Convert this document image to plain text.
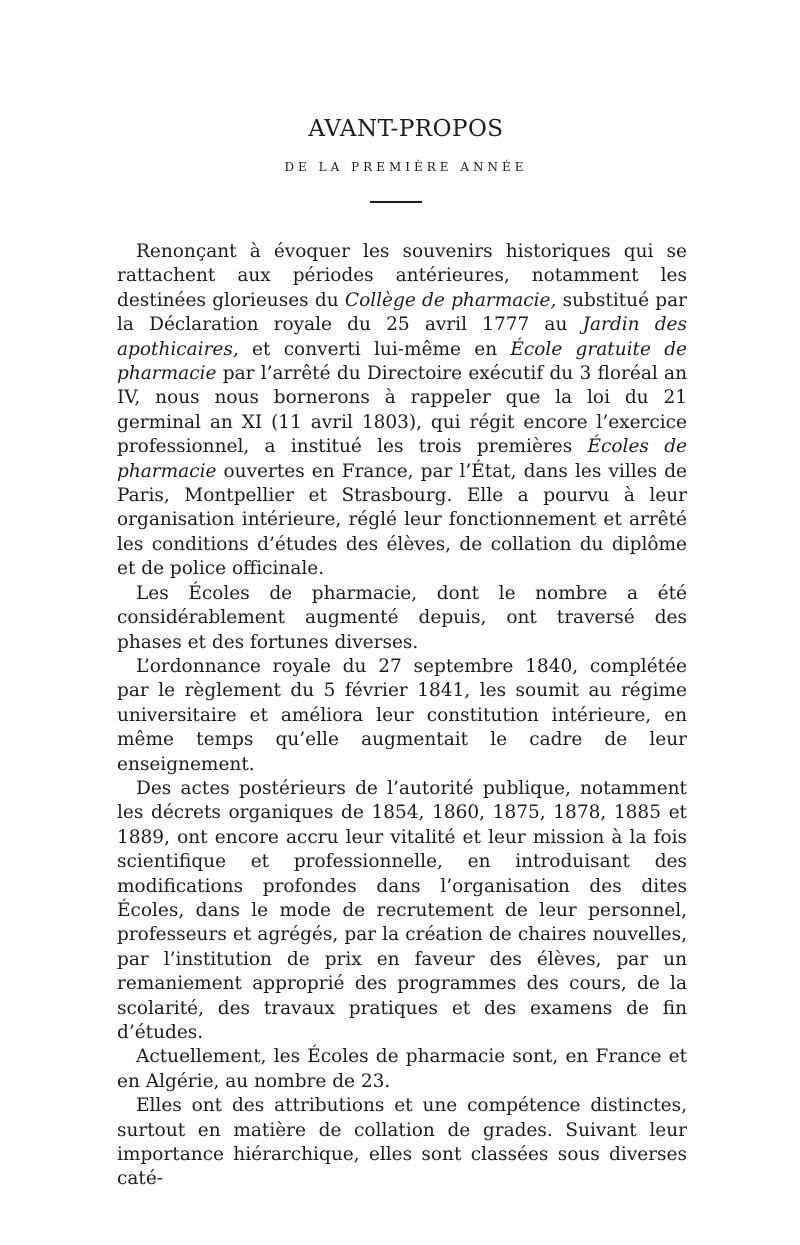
AVANT-PROPOS
DE LA PREMIÈRE ANNÉE

Renonçant à évoquer les souvenirs historiques qui se rattachent aux périodes antérieures, notamment les destinées glorieuses du Collège de pharmacie, substitué par la Déclaration royale du 25 avril 1777 au Jardin des apothicaires, et converti lui-même en École gratuite de pharmacie par l’arrêté du Directoire exécutif du 3 floréal an IV, nous nous bornerons à rappeler que la loi du 21 germinal an XI (11 avril 1803), qui régit encore l’exercice professionnel, a institué les trois premières Écoles de pharmacie ouvertes en France, par l’État, dans les villes de Paris, Montpellier et Strasbourg. Elle a pourvu à leur organisation intérieure, réglé leur fonctionnement et arrêté les conditions d’études des élèves, de collation du diplôme et de police officinale.

Les Écoles de pharmacie, dont le nombre a été considérablement augmenté depuis, ont traversé des phases et des fortunes diverses.

L’ordonnance royale du 27 septembre 1840, complétée par le règlement du 5 février 1841, les soumit au régime universitaire et améliora leur constitution intérieure, en même temps qu’elle augmentait le cadre de leur enseignement.

Des actes postérieurs de l’autorité publique, notamment les décrets organiques de 1854, 1860, 1875, 1878, 1885 et 1889, ont encore accru leur vitalité et leur mission à la fois scientifique et professionnelle, en introduisant des modifications profondes dans l’organisation des dites Écoles, dans le mode de recrutement de leur personnel, professeurs et agrégés, par la création de chaires nouvelles, par l’institution de prix en faveur des élèves, par un remaniement approprié des programmes des cours, de la scolarité, des travaux pratiques et des examens de fin d’études.

Actuellement, les Écoles de pharmacie sont, en France et en Algérie, au nombre de 23.

Elles ont des attributions et une compétence distinctes, surtout en matière de collation de grades. Suivant leur importance hiérarchique, elles sont classées sous diverses caté-
